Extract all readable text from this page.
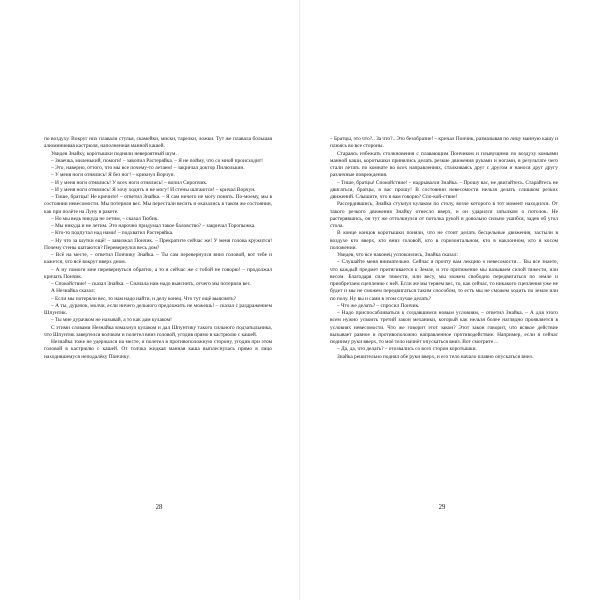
по воздуху. Вокруг них плавали стулья, скамейки, миски, тарелки, ложки. Тут же плавала большая алюминиевая кастрюля, наполненная манной кашей.

Увидев Знайку, коротышки подняли невероятный шум.

– Знаечка, миленький, помоги! – завопил Растеряйка. – Я не пойму, что со мной происходит!

– Это, наверно, оттого, что мы все почему-то летаем! – закричал доктор Пилюлькин.

– У меня ноги отнялись! Я без ног! – крикнул Ворчун.

– И у меня ноги отнялись! У всех ноги отнялись! – вопил Сиропчик.

– И у меня ноги отнялись! Я хочу ходить и не могу! И стены шатаются! – кричал Ворчун.

– Тише, братцы! Не кричите! – ответил Знайка. – Я сам ничего не могу понять. По-моему, мы в состоянии невесомости. Мы потеряли вес. Мы перестали весить и оказались в таком же состоянии, как при полёте на Луну в ракете.

– Но мы ведь никуда не летим, – сказал Тюбик.

– Мы никуда и не летим. Это нарочно придумал такое баловство? – закричал Торопыжка.

– Кто-то подпутал над нами! – подхватил Растеряйка.

– Ну что за шутки ещё! – завизжал Пончик. – Прекратите сейчас же! У меня голова кружится! Почему стены шатаются? Перевернулся весь дом?

– Всё на месте, – ответил Пончику Знайка. – Ты сам перевернулся вниз головой, вот тебе и кажется, что всё вокруг вверх дном.

– А ну помоги мне перевернуться обратно, а то я сейчас же с тобой не говорю! – продолжал кричать Пончик.

– Спокойствие! – сказал Знайка. – Сначала нам надо выяснить, отчего мы потеряли вес.

А Незнайка сказал:

– Если мы потеряли вес, то нам надо найти, и делу конец. Что тут ещё выяснять?

– А ты, дурачок, молчи, если ничего дельного предложить не можешь! – сказал с раздражением Шпунтик.

– Ты мне дурачком не называй, а то как дам кулаком!

С этими словами Незнайка взмахнул кулаком и дал Шпунтику такого сильного подзатыльника, что Шпунтик завертелся волчком и полетел вниз головой, угодив прямо в кастрюлю с кашей.

Незнайка тоже не удержался на месте, и полетел в противоположную сторону, угодив при этом головой в кастрюлю с кашей. От толчка жидкая манная каша выплеснулась прямо в лицо находившемуся неподалёку Пончику.

28

– Братцы, это что?.. За что?.. Это безобразие! – кричал Пончик, размазывая по лицу манную кашу и плюясь во все стороны.

Стараясь избежать столкновения с плавающим Пончиком и плывущими по воздуху комьями манной каши, коротышки принялись делать резкие движения руками и ногами, в результате чего стали летать по комнате во всех направлениях, сталкиваясь друг с другом и нанося друг другу различные повреждения.

– Тише, братцы! Спокойствие! – надрывался Знайка. – Прошу вас, не двигайтесь. Старайтесь не двигаться, братцы, я вас прошу! В состоянии невесомости нельзя делать слишком резких движений. Слышите, что я вам говорю? Спо-кой-ствие!

Рассердившись, Знайка стукнул кулаком по столу, возле которого в тот момент находился. От такого резкого движения Знайку отнесло вверх, и он ударился затылком о потолок. Не растерявшись, он тут же оттолкнулся от потолка рукой и довольно сильно ушибся, задев об угол стола.

В конце концов коротышки поняли, что не стоит делать бесцельные движения, застыли в воздухе кто вверх, кто вниз головой, кто в горизонтальном, кто в наклонном, кто в косом положении.

Увидев, что все наконец успокоились, Знайка сказал:

– Слушайте меня внимательно. Сейчас я прочту вам лекцию о невесомости… Вы все знаете, что каждый предмет притягивается к Земле, и это притяжение мы называем силой тяжести, или весом. Благодаря силе тяжести, или весу, мы можем свободно передвигаться по земле и приобретаем сцепление с ней. Если же мы теряем вес, то, как сейчас, то никакого сцепления уже не будет и мы не сможем передвигаться таким способом, то есть мы не сможем ходить по земле или по полу. Ну вы и сами в этом случае делать?

– Что же делать? – спросил Пончик.

– Надо приспосабливаться к создавшимся новым условиям, – ответил Знайка. – А для этого всем нужно усвоить третий закон механики, который как нельзя более наглядно проявляется в условиях невесомости. Что же говорит этот закон? Этот закон говорит, что всякое действие вызывает равное и противоположно направленное противодействие. Например, если я сейчас подниму руки вверх, то моё тело начнёт опускаться вниз. Вот смотрите…

– Да, да, что делать? – отозвались со всех сторон коротышки.

Знайка решительно поднял обе руки вверх, и его тело начало плавно опускаться вниз.

29
